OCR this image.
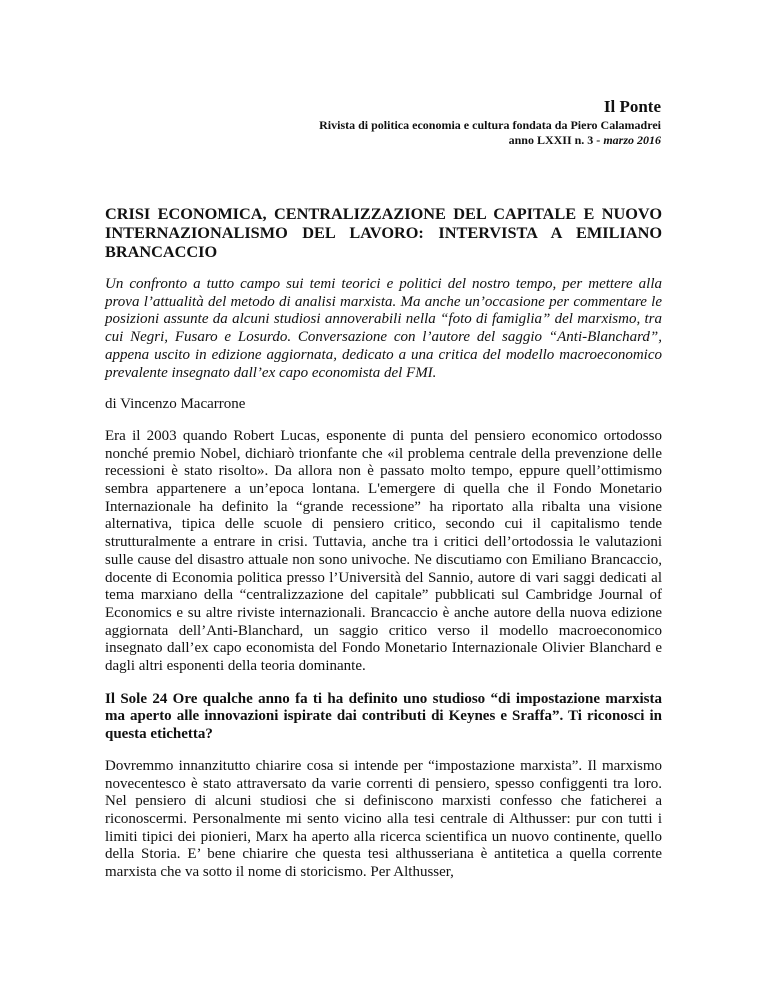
Il Ponte
Rivista di politica economia e cultura fondata da Piero Calamadrei
anno LXXII n. 3 - marzo 2016
CRISI ECONOMICA, CENTRALIZZAZIONE DEL CAPITALE E NUOVO INTERNAZIONALISMO DEL LAVORO: INTERVISTA A EMILIANO BRANCACCIO

Un confronto a tutto campo sui temi teorici e politici del nostro tempo, per mettere alla prova l’attualità del metodo di analisi marxista. Ma anche un’occasione per commentare le posizioni assunte da alcuni studiosi annoverabili nella “foto di famiglia” del marxismo, tra cui Negri, Fusaro e Losurdo. Conversazione con l’autore del saggio “Anti-Blanchard”, appena uscito in edizione aggiornata, dedicato a una critica del modello macroeconomico prevalente insegnato dall’ex capo economista del FMI.

di Vincenzo Macarrone

Era il 2003 quando Robert Lucas, esponente di punta del pensiero economico ortodosso nonché premio Nobel, dichiarò trionfante che «il problema centrale della prevenzione delle recessioni è stato risolto». Da allora non è passato molto tempo, eppure quell’ottimismo sembra appartenere a un’epoca lontana. L'emergere di quella che il Fondo Monetario Internazionale ha definito la “grande recessione” ha riportato alla ribalta una visione alternativa, tipica delle scuole di pensiero critico, secondo cui il capitalismo tende strutturalmente a entrare in crisi. Tuttavia, anche tra i critici dell’ortodossia le valutazioni sulle cause del disastro attuale non sono univoche. Ne discutiamo con Emiliano Brancaccio, docente di Economia politica presso l’Università del Sannio, autore di vari saggi dedicati al tema marxiano della “centralizzazione del capitale” pubblicati sul Cambridge Journal of Economics e su altre riviste internazionali. Brancaccio è anche autore della nuova edizione aggiornata dell’Anti-Blanchard, un saggio critico verso il modello macroeconomico insegnato dall’ex capo economista del Fondo Monetario Internazionale Olivier Blanchard e dagli altri esponenti della teoria dominante.

Il Sole 24 Ore qualche anno fa ti ha definito uno studioso “di impostazione marxista ma aperto alle innovazioni ispirate dai contributi di Keynes e Sraffa”. Ti riconosci in questa etichetta?

Dovremmo innanzitutto chiarire cosa si intende per “impostazione marxista”. Il marxismo novecentesco è stato attraversato da varie correnti di pensiero, spesso configgenti tra loro. Nel pensiero di alcuni studiosi che si definiscono marxisti confesso che faticherei a riconoscermi. Personalmente mi sento vicino alla tesi centrale di Althusser: pur con tutti i limiti tipici dei pionieri, Marx ha aperto alla ricerca scientifica un nuovo continente, quello della Storia. E’ bene chiarire che questa tesi althusseriana è antitetica a quella corrente marxista che va sotto il nome di storicismo. Per Althusser,
